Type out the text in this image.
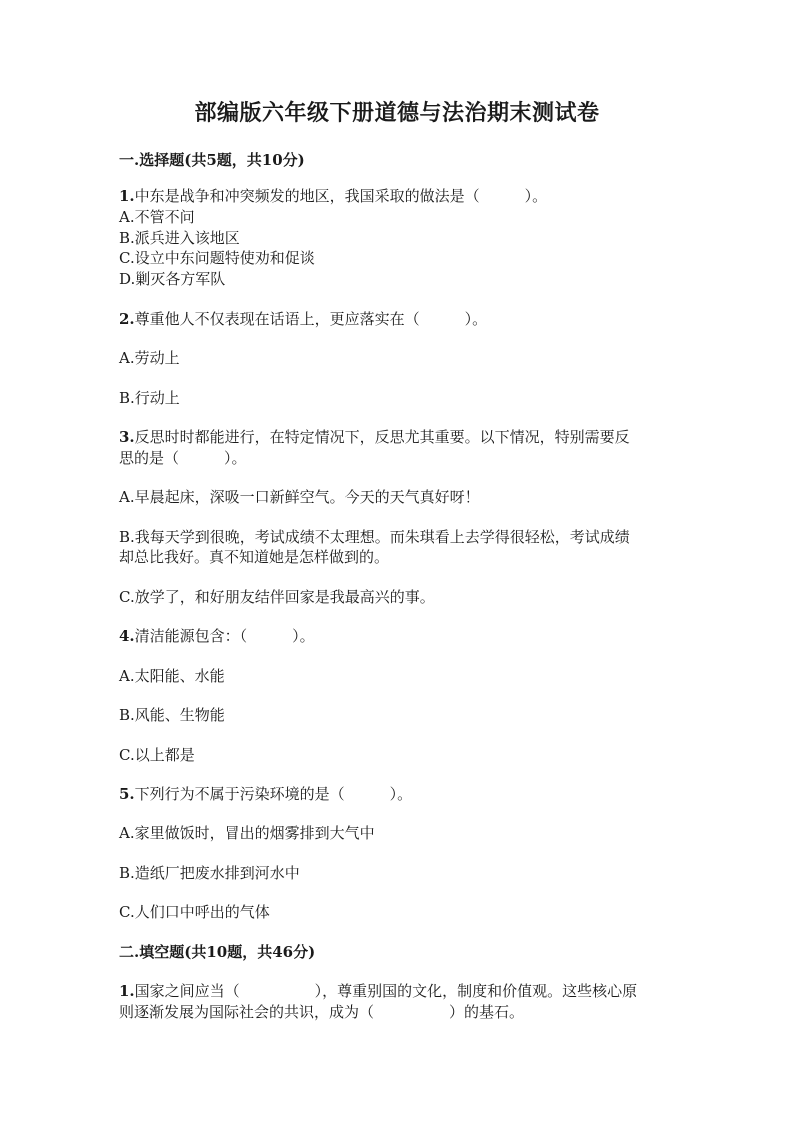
部编版六年级下册道德与法治期末测试卷
一.选择题(共5题，共10分)
1.中东是战争和冲突频发的地区，我国采取的做法是（　　　）。
A.不管不问
B.派兵进入该地区
C.设立中东问题特使劝和促谈
D.剿灭各方军队
2.尊重他人不仅表现在话语上，更应落实在（　　　）。
A.劳动上
B.行动上
3.反思时时都能进行，在特定情况下，反思尤其重要。以下情况，特别需要反
思的是（　　　）。
A.早晨起床，深吸一口新鲜空气。今天的天气真好呀！
B.我每天学到很晚，考试成绩不太理想。而朱琪看上去学得很轻松，考试成绩
却总比我好。真不知道她是怎样做到的。
C.放学了，和好朋友结伴回家是我最高兴的事。
4.清洁能源包含：（　　　）。
A.太阳能、水能
B.风能、生物能
C.以上都是
5.下列行为不属于污染环境的是（　　　）。
A.家里做饭时，冒出的烟雾排到大气中
B.造纸厂把废水排到河水中
C.人们口中呼出的气体
二.填空题(共10题，共46分)
1.国家之间应当（　　　　　），尊重别国的文化，制度和价值观。这些核心原
则逐渐发展为国际社会的共识，成为（　　　　　）的基石。
